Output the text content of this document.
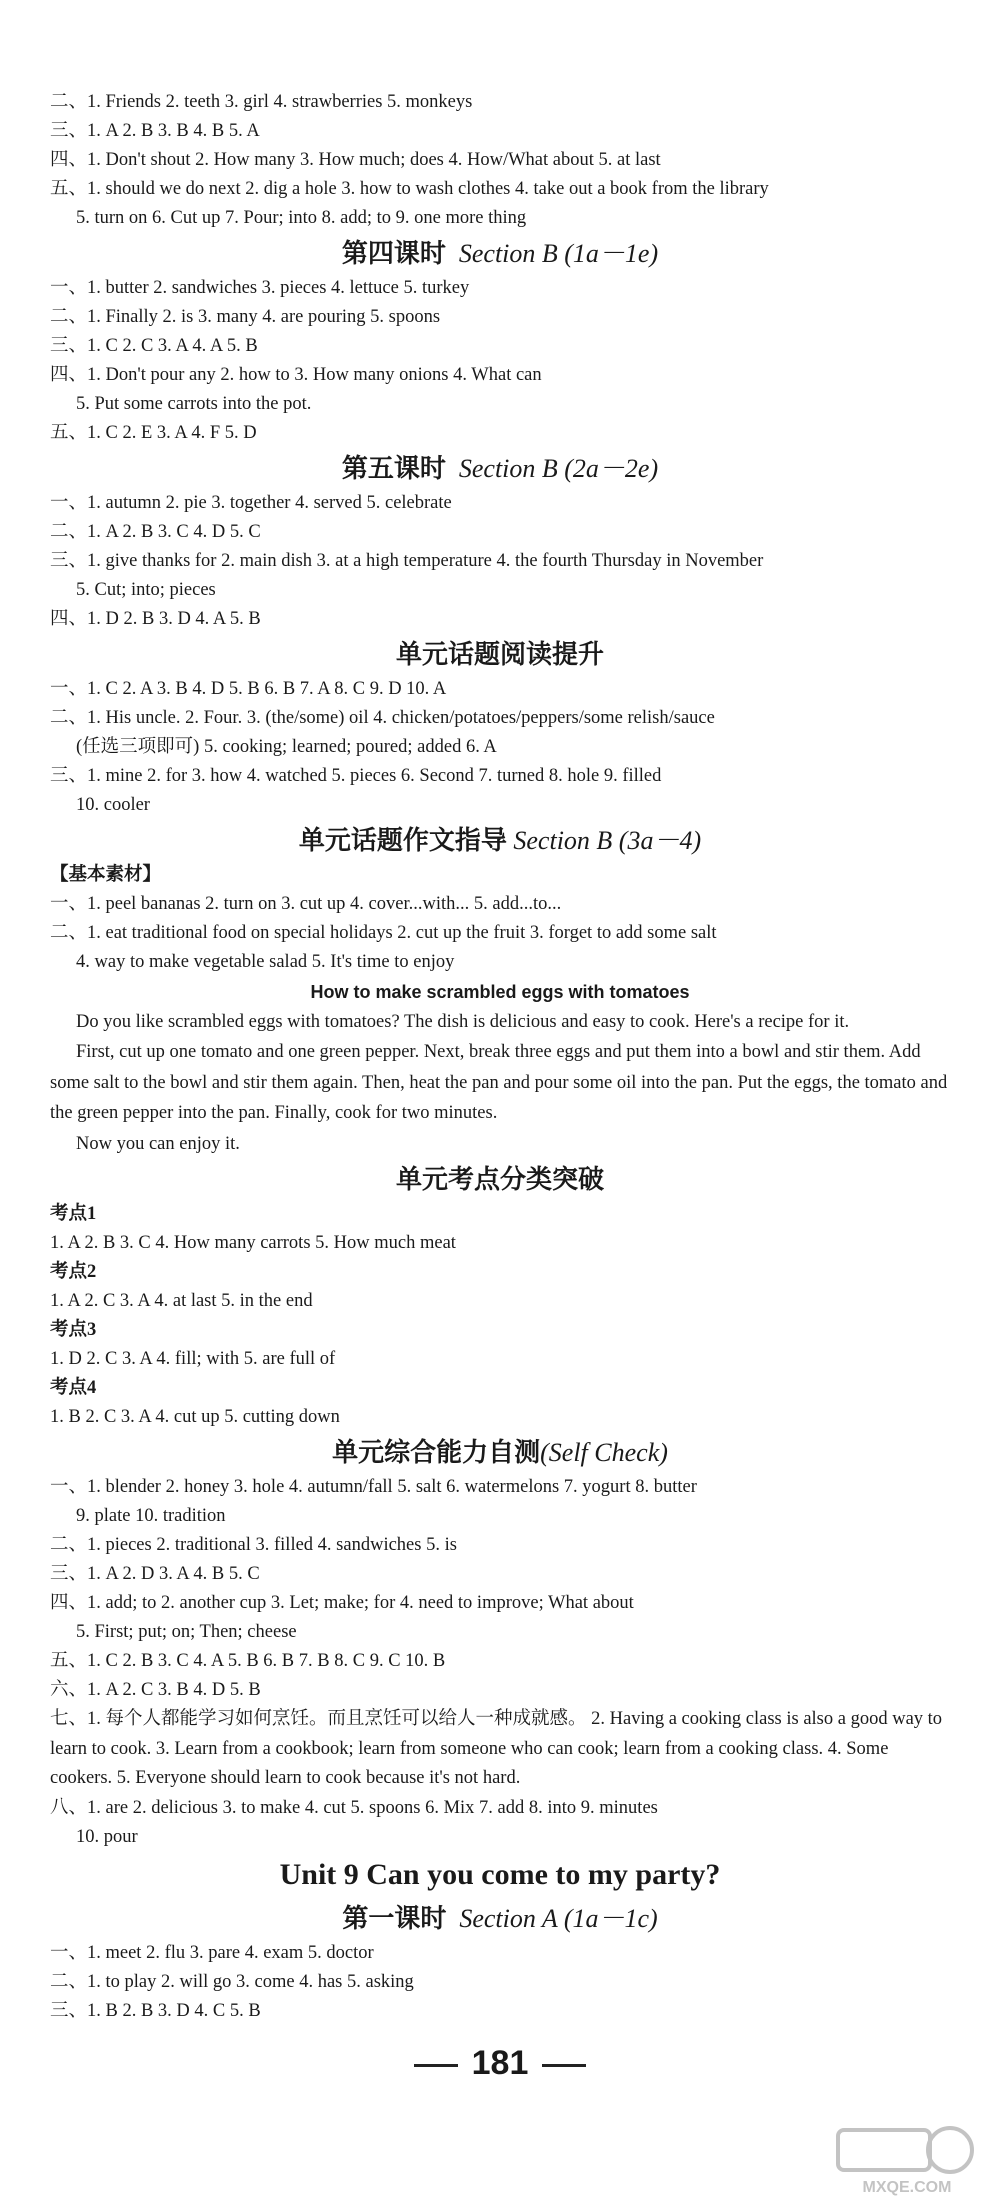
二、1. Friends 2. teeth 3. girl 4. strawberries 5. monkeys
三、1. A 2. B 3. B 4. B 5. A
四、1. Don't shout 2. How many 3. How much; does 4. How/What about 5. at last
五、1. should we do next 2. dig a hole 3. how to wash clothes 4. take out a book from the library
5. turn on 6. Cut up 7. Pour; into 8. add; to 9. one more thing
第四课时 Section B (1a－1e)
一、1. butter 2. sandwiches 3. pieces 4. lettuce 5. turkey
二、1. Finally 2. is 3. many 4. are pouring 5. spoons
三、1. C 2. C 3. A 4. A 5. B
四、1. Don't pour any 2. how to 3. How many onions 4. What can
5. Put some carrots into the pot.
五、1. C 2. E 3. A 4. F 5. D
第五课时 Section B (2a－2e)
一、1. autumn 2. pie 3. together 4. served 5. celebrate
二、1. A 2. B 3. C 4. D 5. C
三、1. give thanks for 2. main dish 3. at a high temperature 4. the fourth Thursday in November
5. Cut; into; pieces
四、1. D 2. B 3. D 4. A 5. B
单元话题阅读提升
一、1. C 2. A 3. B 4. D 5. B 6. B 7. A 8. C 9. D 10. A
二、1. His uncle. 2. Four. 3. (the/some) oil 4. chicken/potatoes/peppers/some relish/sauce
(任选三项即可) 5. cooking; learned; poured; added 6. A
三、1. mine 2. for 3. how 4. watched 5. pieces 6. Second 7. turned 8. hole 9. filled
10. cooler
单元话题作文指导 Section B (3a－4)
【基本素材】
一、1. peel bananas 2. turn on 3. cut up 4. cover...with... 5. add...to...
二、1. eat traditional food on special holidays 2. cut up the fruit 3. forget to add some salt
4. way to make vegetable salad 5. It's time to enjoy
How to make scrambled eggs with tomatoes
Do you like scrambled eggs with tomatoes? The dish is delicious and easy to cook. Here's a recipe for it.
First, cut up one tomato and one green pepper. Next, break three eggs and put them into a bowl and stir them. Add some salt to the bowl and stir them again. Then, heat the pan and pour some oil into the pan. Put the eggs, the tomato and the green pepper into the pan. Finally, cook for two minutes.
Now you can enjoy it.
单元考点分类突破
考点1
1. A 2. B 3. C 4. How many carrots 5. How much meat
考点2
1. A 2. C 3. A 4. at last 5. in the end
考点3
1. D 2. C 3. A 4. fill; with 5. are full of
考点4
1. B 2. C 3. A 4. cut up 5. cutting down
单元综合能力自测(Self Check)
一、1. blender 2. honey 3. hole 4. autumn/fall 5. salt 6. watermelons 7. yogurt 8. butter
9. plate 10. tradition
二、1. pieces 2. traditional 3. filled 4. sandwiches 5. is
三、1. A 2. D 3. A 4. B 5. C
四、1. add; to 2. another cup 3. Let; make; for 4. need to improve; What about
5. First; put; on; Then; cheese
五、1. C 2. B 3. C 4. A 5. B 6. B 7. B 8. C 9. C 10. B
六、1. A 2. C 3. B 4. D 5. B
七、1. 每个人都能学习如何烹饪。而且烹饪可以给人一种成就感。 2. Having a cooking class is also a good way to learn to cook. 3. Learn from a cookbook; learn from someone who can cook; learn from a cooking class. 4. Some cookers. 5. Everyone should learn to cook because it's not hard.
八、1. are 2. delicious 3. to make 4. cut 5. spoons 6. Mix 7. add 8. into 9. minutes
10. pour
Unit 9 Can you come to my party?
第一课时 Section A (1a－1c)
一、1. meet 2. flu 3. pare 4. exam 5. doctor
二、1. to play 2. will go 3. come 4. has 5. asking
三、1. B 2. B 3. D 4. C 5. B
181
MXQE.COM
